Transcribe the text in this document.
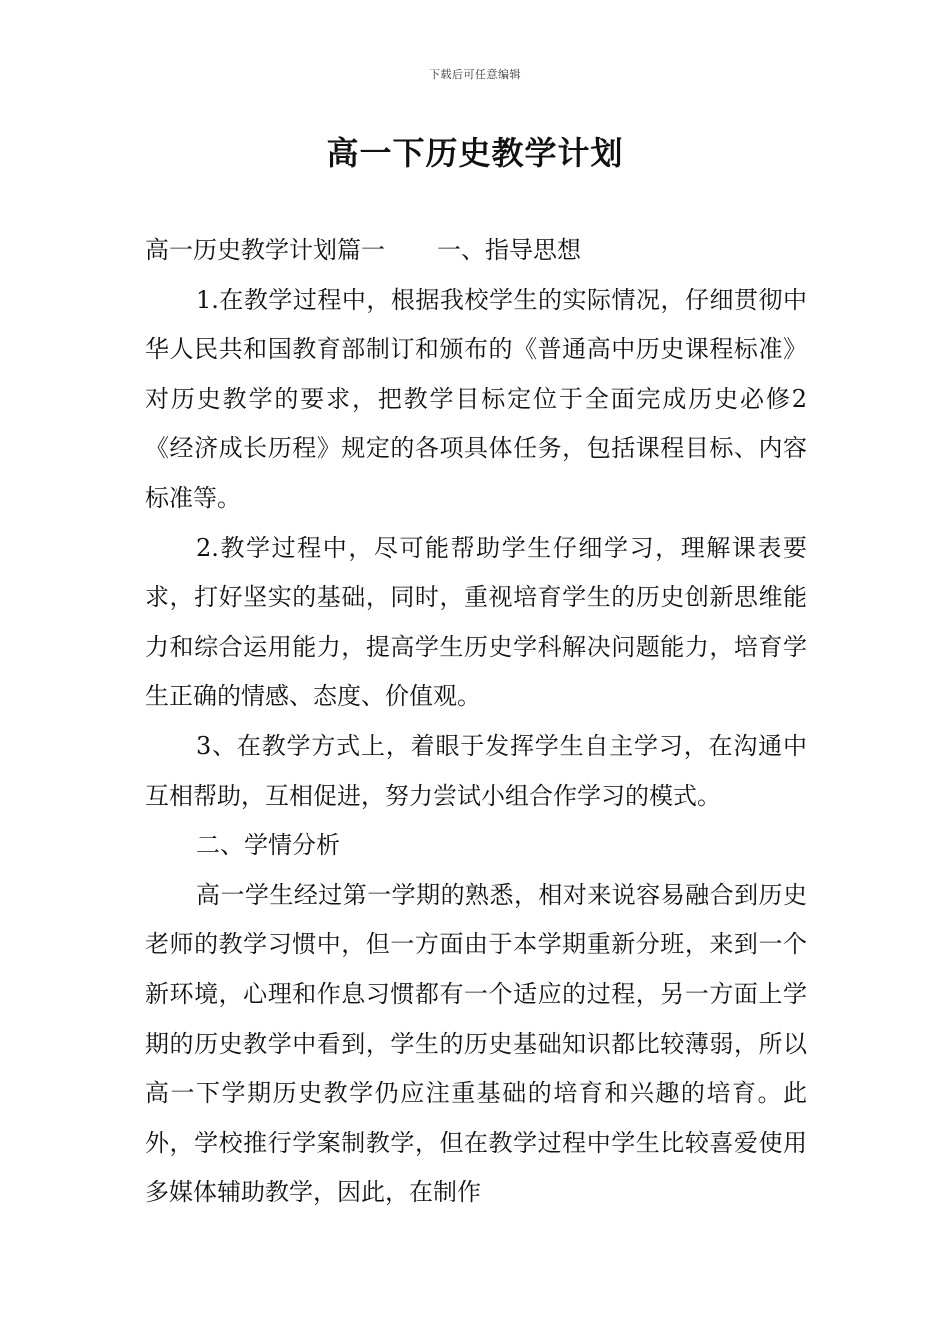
下载后可任意编辑
高一下历史教学计划

高一历史教学计划篇一 一、指导思想

1.在教学过程中，根据我校学生的实际情况，仔细贯彻中华人民共和国教育部制订和颁布的《普通高中历史课程标准》对历史教学的要求，把教学目标定位于全面完成历史必修2《经济成长历程》规定的各项具体任务，包括课程目标、内容标准等。

2.教学过程中，尽可能帮助学生仔细学习，理解课表要求，打好坚实的基础，同时，重视培育学生的历史创新思维能力和综合运用能力，提高学生历史学科解决问题能力，培育学生正确的情感、态度、价值观。

3、在教学方式上，着眼于发挥学生自主学习，在沟通中互相帮助，互相促进，努力尝试小组合作学习的模式。

二、学情分析

高一学生经过第一学期的熟悉，相对来说容易融合到历史老师的教学习惯中，但一方面由于本学期重新分班，来到一个新环境，心理和作息习惯都有一个适应的过程，另一方面上学期的历史教学中看到，学生的历史基础知识都比较薄弱，所以高一下学期历史教学仍应注重基础的培育和兴趣的培育。此外，学校推行学案制教学，但在教学过程中学生比较喜爱使用多媒体辅助教学，因此，在制作
